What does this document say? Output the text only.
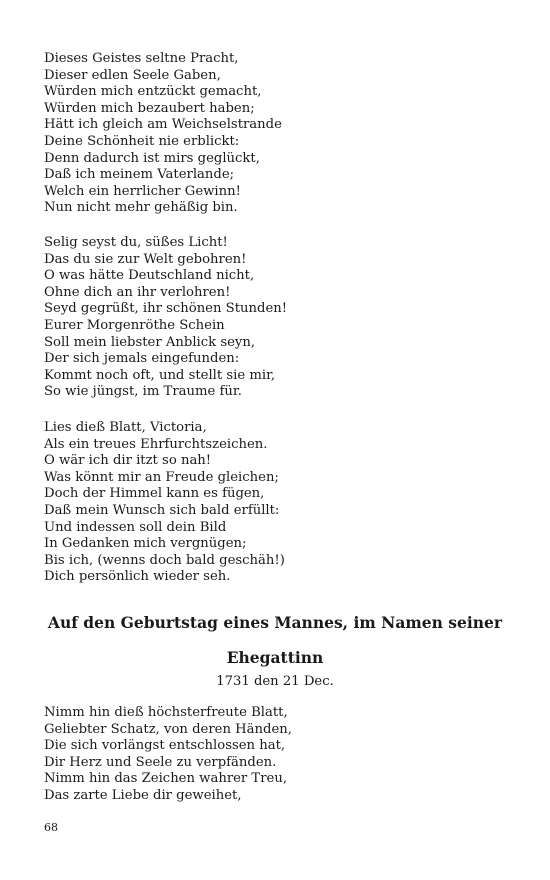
Dieses Geistes seltne Pracht,
Dieser edlen Seele Gaben,
Würden mich entzückt gemacht,
Würden mich bezaubert haben;
Hätt ich gleich am Weichselstrande
Deine Schönheit nie erblickt:
Denn dadurch ist mirs geglückt,
Daß ich meinem Vaterlande;
Welch ein herrlicher Gewinn!
Nun nicht mehr gehäßig bin.
Selig seyst du, süßes Licht!
Das du sie zur Welt gebohren!
O was hätte Deutschland nicht,
Ohne dich an ihr verlohren!
Seyd gegrüßt, ihr schönen Stunden!
Eurer Morgenröthe Schein
Soll mein liebster Anblick seyn,
Der sich jemals eingefunden:
Kommt noch oft, und stellt sie mir,
So wie jüngst, im Traume für.
Lies dieß Blatt, Victoria,
Als ein treues Ehrfurchtszeichen.
O wär ich dir itzt so nah!
Was könnt mir an Freude gleichen;
Doch der Himmel kann es fügen,
Daß mein Wunsch sich bald erfüllt:
Und indessen soll dein Bild
In Gedanken mich vergnügen;
Bis ich, (wenns doch bald geschäh!)
Dich persönlich wieder seh.
Auf den Geburtstag eines Mannes, im Namen seiner
Ehegattinn
1731 den 21 Dec.
Nimm hin dieß höchsterfreute Blatt,
Geliebter Schatz, von deren Händen,
Die sich vorlängst entschlossen hat,
Dir Herz und Seele zu verpfänden.
Nimm hin das Zeichen wahrer Treu,
Das zarte Liebe dir geweihet,
68
